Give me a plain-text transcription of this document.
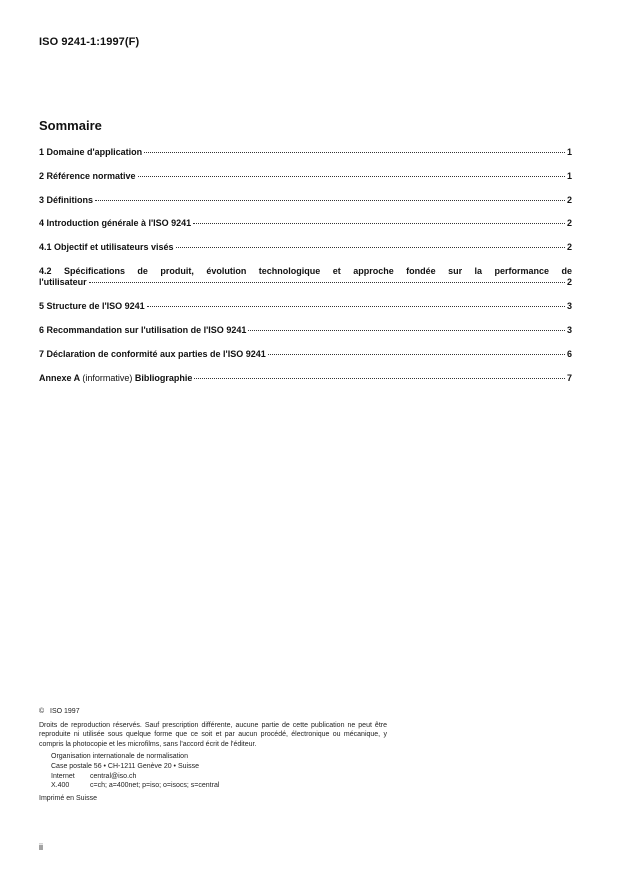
ISO 9241-1:1997(F)
Sommaire
1 Domaine d'application	1
2 Référence normative	1
3 Définitions	2
4 Introduction générale à l'ISO 9241	2
4.1 Objectif et utilisateurs visés	2
4.2 Spécifications de produit, évolution technologique et approche fondée sur la performance de
l'utilisateur	2
5 Structure de l'ISO 9241	3
6 Recommandation sur l'utilisation de l'ISO 9241	3
7 Déclaration de conformité aux parties de l'ISO 9241	6
Annexe A (informative) Bibliographie	7
© ISO 1997
Droits de reproduction réservés. Sauf prescription différente, aucune partie de cette publication ne peut être reproduite ni utilisée sous quelque forme que ce soit et par aucun procédé, électronique ou mécanique, y compris la photocopie et les microfilms, sans l'accord écrit de l'éditeur.
Organisation internationale de normalisation
Case postale 56 • CH-1211 Genève 20 • Suisse
Internet	central@iso.ch
X.400	c=ch; a=400net; p=iso; o=isocs; s=central
Imprimé en Suisse
ii
